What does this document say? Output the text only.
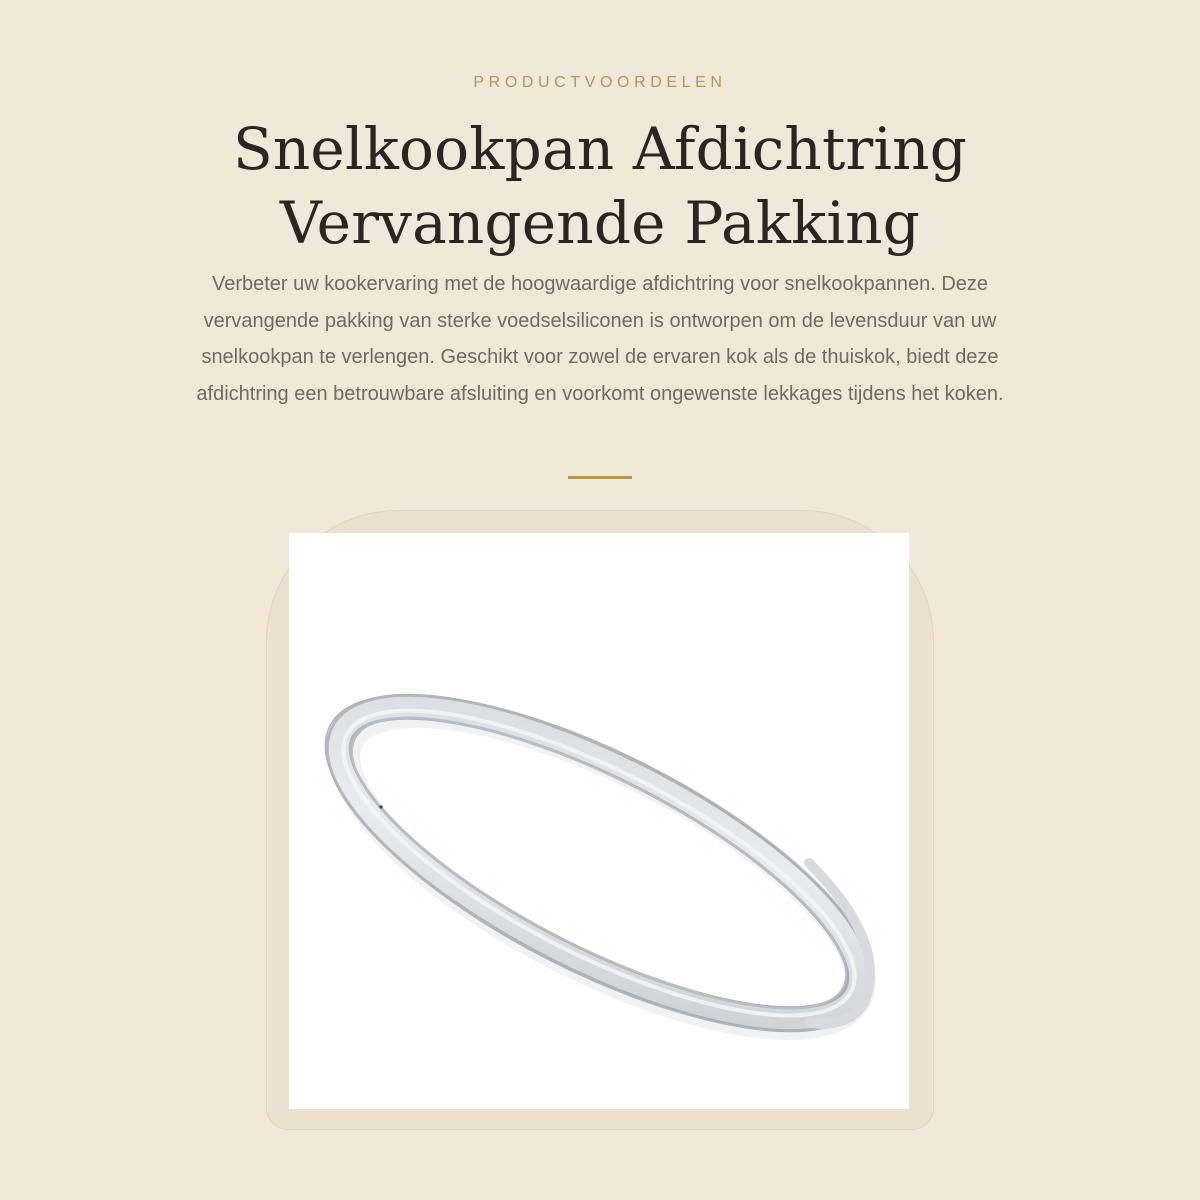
PRODUCTVOORDELEN
Snelkookpan Afdichtring
Vervangende Pakking

Verbeter uw kookervaring met de hoogwaardige afdichtring voor snelkookpannen. Deze vervangende pakking van sterke voedselsiliconen is ontworpen om de levensduur van uw snelkookpan te verlengen. Geschikt voor zowel de ervaren kok als de thuiskok, biedt deze afdichtring een betrouwbare afsluiting en voorkomt ongewenste lekkages tijdens het koken.
